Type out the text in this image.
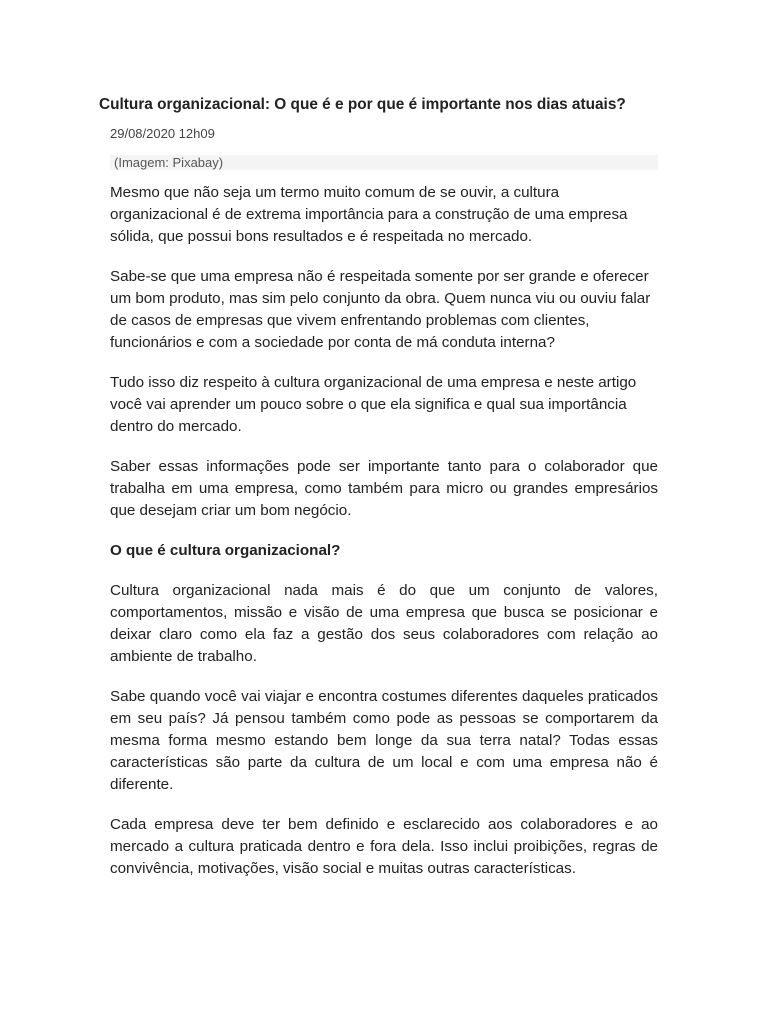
Cultura organizacional: O que é e por que é importante nos dias atuais?
29/08/2020 12h09
(Imagem: Pixabay)

Mesmo que não seja um termo muito comum de se ouvir, a cultura organizacional é de extrema importância para a construção de uma empresa sólida, que possui bons resultados e é respeitada no mercado.

Sabe-se que uma empresa não é respeitada somente por ser grande e oferecer um bom produto, mas sim pelo conjunto da obra. Quem nunca viu ou ouviu falar de casos de empresas que vivem enfrentando problemas com clientes, funcionários e com a sociedade por conta de má conduta interna?

Tudo isso diz respeito à cultura organizacional de uma empresa e neste artigo você vai aprender um pouco sobre o que ela significa e qual sua importância dentro do mercado.

Saber essas informações pode ser importante tanto para o colaborador que trabalha em uma empresa, como também para micro ou grandes empresários que desejam criar um bom negócio.

O que é cultura organizacional?

Cultura organizacional nada mais é do que um conjunto de valores, comportamentos, missão e visão de uma empresa que busca se posicionar e deixar claro como ela faz a gestão dos seus colaboradores com relação ao ambiente de trabalho.

Sabe quando você vai viajar e encontra costumes diferentes daqueles praticados em seu país? Já pensou também como pode as pessoas se comportarem da mesma forma mesmo estando bem longe da sua terra natal? Todas essas características são parte da cultura de um local e com uma empresa não é diferente.

Cada empresa deve ter bem definido e esclarecido aos colaboradores e ao mercado a cultura praticada dentro e fora dela. Isso inclui proibições, regras de convivência, motivações, visão social e muitas outras características.
